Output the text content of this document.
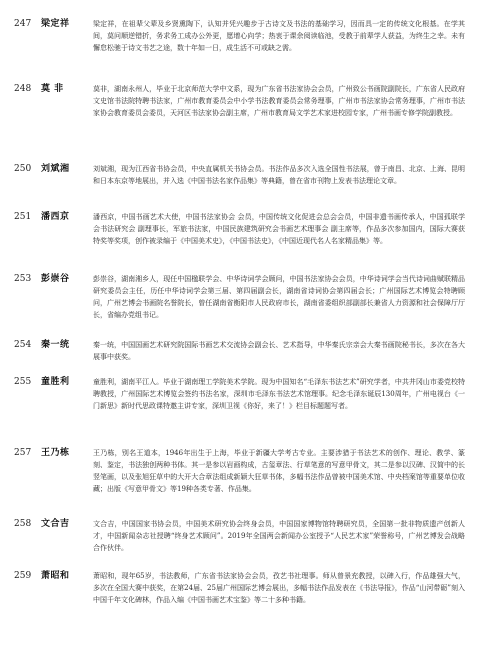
247 梁定祥	梁定祥，在祖辈父辈及乡贤熏陶下，认知并凭兴趣步于古诗文及书法的基础学习，因而具一定的传统文化根基。在学其间，莫问顺逆错折，务求务工成办公外更，愿增心向学；热衷于课余阅读临池，受教于前辈学人获益，为终生之幸。未有懈怠松驰于诗文书艺之途，数十年如一日，成生活不可或缺之需。
248 莫 非	莫非，湖南永州人，毕业于北京师范大学中文系，现为广东省书法家协会会员，广州致公书画院副院长，广东省人民政府文史馆书法院特聘书法家，广州市教育委员会中小学书法教育委员会常务理事，广州市书法家协会常务理事，广州市书法家协会教育委员会委员，天河区书法家协会副主席，广州市教育局文学艺术家进校园专家，广州书画专修学院副教授。
250 刘斌湘	刘斌湘，现为江西省书协会员，中央直属机关书协会员。书法作品多次入选全国性书法展，曾于南昌、北京、上海、昆明和日本东京等地展出，并入选《中国书法名家作品集》等典籍，曾在省市刊物上发表书法理论文章。
251 潘西京	潘西京，中国书画艺术大使，中国书法家协会 会员，中国传统文化促进会总会会员，中国非遗书画传承人，中国孤联学会书法研究会 副理事长，军旅书法家，中国民族建筑研究会书画艺术理事会 副主席等，作品多次参加国内，国际大赛获特奖等奖项，创作被录编于《中国美术史》，《中国书法史》，《中国近现代名人名家精品集》等。
253 彭崇谷	彭崇谷，湖南湘乡人，现任中国楹联学会、中华诗词学会顾问，中国书法家协会会员，中华诗词学会当代诗词曲赋联精品研究委员会主任，历任中华诗词学会第三届、第四届副会长，湖南省诗词协会第四届会长；广州国际艺术博览会特聘顾问，广州艺博会书画院名誉院长，曾任湖南省衡阳市人民政府市长，湖南省委组织部副部长兼省人力资源和社会保障厅厅长，省编办党组书记。
254 秦一统	秦一统，中国国画艺术研究院国际书画艺术交流协会副会长、艺术指导，中华秦氏宗亲会大秦书画院秘书长，多次在各大展事中获奖。
255 童胜利	童胜利，湖南平江人。毕业于湖南理工学院美术学院。现为中国知名“毛泽东书法艺术”研究学者，中共井冈山市委党校特聘教授，广州国际艺术博览会签约书法名家，深圳市毛泽东书法艺术馆理事。纪念毛泽东诞辰130周年，广州电视台《一门新思》新时代思政课特邀主讲专家，深圳卫视《你好，来了！》栏目标题题写者。
257 王乃栋	王乃栋，别名王道本，1946年出生于上海，毕业于新疆大学考古专业。主要涉猎于书法艺术的创作、理论、教学、篆刻、鉴定，书法独创两种书体。其一是参以岩画构成，古玺章法、行草笔意的写意甲骨文，其二是参以汉碑、汉简中的长竖笔画，以及张旭狂草中的大开大合章法组成新颖大狂草书体，多幅书法作品曾被中国美术馆、中央档案馆等重要单位收藏；出版《写意甲骨文》等19种各类专著、作品集。
258 文合吉	文合吉，中国国家书协会员，中国美术研究协会终身会员，中国国家博物馆特聘研究员，全国第一批非物质遗产创新人才，中国新闻杂志社授聘“终身艺术顾问”。2019年全国两会新闻办公室授予“人民艺术家”荣誉称号，广州艺博发会战略合作伙伴。
259 萧昭和	萧昭和，现年65岁，书法教师，广东省书法家协会会员，孜艺书社理事。师从曾景充教授，以碑入行，作品雄强大气，多次在全国大赛中获奖，在第24届、25届广州国际艺博会展出，多幅书法作品发表在《书法导报》，作品“山河带砺”刻入中国千年文化碑林，作品入编《中国书画艺术宝鉴》等二十多种书籍。
